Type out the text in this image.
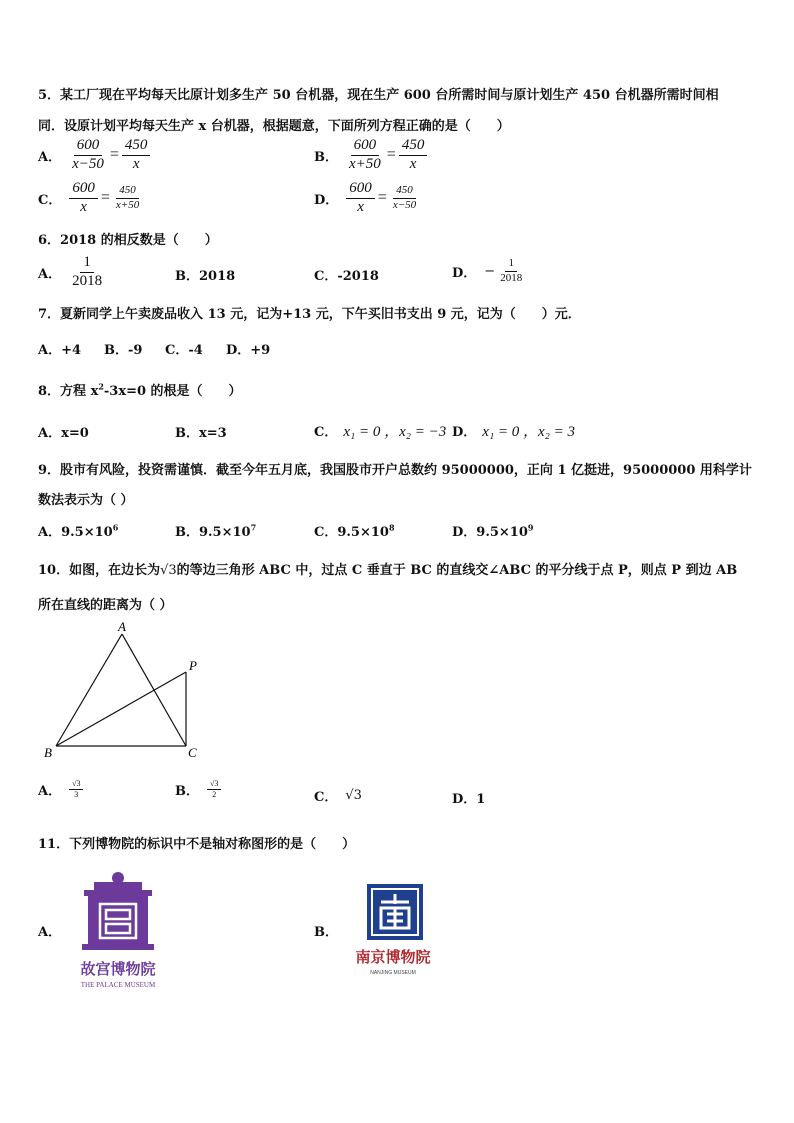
5．某工厂现在平均每天比原计划多生产 50 台机器，现在生产 600 台所需时间与原计划生产 450 台机器所需时间相
同．设原计划平均每天生产 x 台机器，根据题意，下面所列方程正确的是（　　）
A． $\frac{600}{x-50} = \frac{450}{x}$	B． $\frac{600}{x+50} = \frac{450}{x}$
C． $\frac{600}{x} = \frac{450}{x+50}$	D． $\frac{600}{x} = \frac{450}{x-50}$
6．2018 的相反数是（　　）
A． $\frac{1}{2018}$	B．2018	C．-2018	D． − $\frac{1}{2018}$
7．夏新同学上午卖废品收入 13 元，记为+13 元，下午买旧书支出 9 元，记为（　　）元．
A．+4 B．-9 C．-4 D．+9
8．方程 $x^2-3x=0$ 的根是（　　）
A．x=0	B．x=3	C． x₁ = 0 ，x₂ = −3 D． x₁ = 0 ，x₂ = 3
9．股市有风险，投资需谨慎．截至今年五月底，我国股市开户总数约 95000000，正向 1 亿挺进，95000000 用科学计
数法表示为（ ）
A．$9.5\times 10^6$	B．$9.5\times 10^7$	C．$9.5\times 10^8$	D．$9.5\times 10^9$
10．如图，在边长为√3的等边三角形 ABC 中，过点 C 垂直于 BC 的直线交∠ABC 的平分线于点 P，则点 P 到边 AB
所在直线的距离为（ ）
A
B	C
P
A． $\frac{√3}{3}$	B． $\frac{√3}{2}$	C． √3	D．1
11．下列博物院的标识中不是轴对称图形的是（　　）
A．
故宫博物院
THE PALACE MUSEUM
B．
南京博物院
NANJING MUSEUM
